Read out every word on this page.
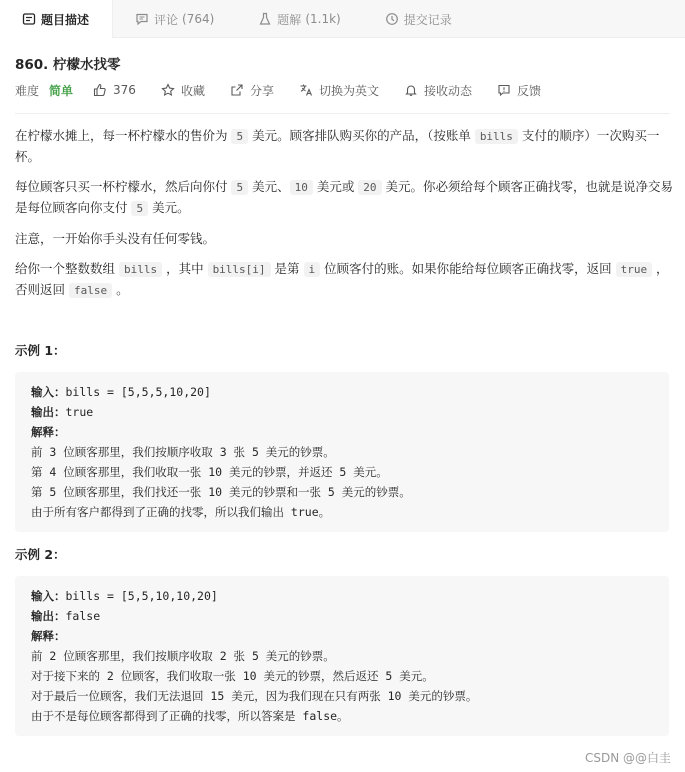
题目描述	评论 (764)	题解 (1.1k)	提交记录
860. 柠檬水找零
难度 简单	376	收藏	分享	切换为英文	接收动态	反馈

在柠檬水摊上，每一杯柠檬水的售价为 5 美元。顾客排队购买你的产品，（按账单 bills 支付的顺序）一次购买一杯。

每位顾客只买一杯柠檬水，然后向你付 5 美元、 10 美元或 20 美元。你必须给每个顾客正确找零，也就是说净交易是每位顾客向你支付 5 美元。

注意，一开始你手头没有任何零钱。

给你一个整数数组 bills ，其中 bills[i] 是第 i 位顾客付的账。如果你能给每位顾客正确找零，返回 true ，否则返回 false 。

示例 1：
输入：bills = [5,5,5,10,20]
输出：true
解释：
前 3 位顾客那里，我们按顺序收取 3 张 5 美元的钞票。
第 4 位顾客那里，我们收取一张 10 美元的钞票，并返还 5 美元。
第 5 位顾客那里，我们找还一张 10 美元的钞票和一张 5 美元的钞票。
由于所有客户都得到了正确的找零，所以我们输出 true。
示例 2：
输入：bills = [5,5,10,10,20]
输出：false
解释：
前 2 位顾客那里，我们按顺序收取 2 张 5 美元的钞票。
对于接下来的 2 位顾客，我们收取一张 10 美元的钞票，然后返还 5 美元。
对于最后一位顾客，我们无法退回 15 美元，因为我们现在只有两张 10 美元的钞票。
由于不是每位顾客都得到了正确的找零，所以答案是 false。
CSDN @@白圭
